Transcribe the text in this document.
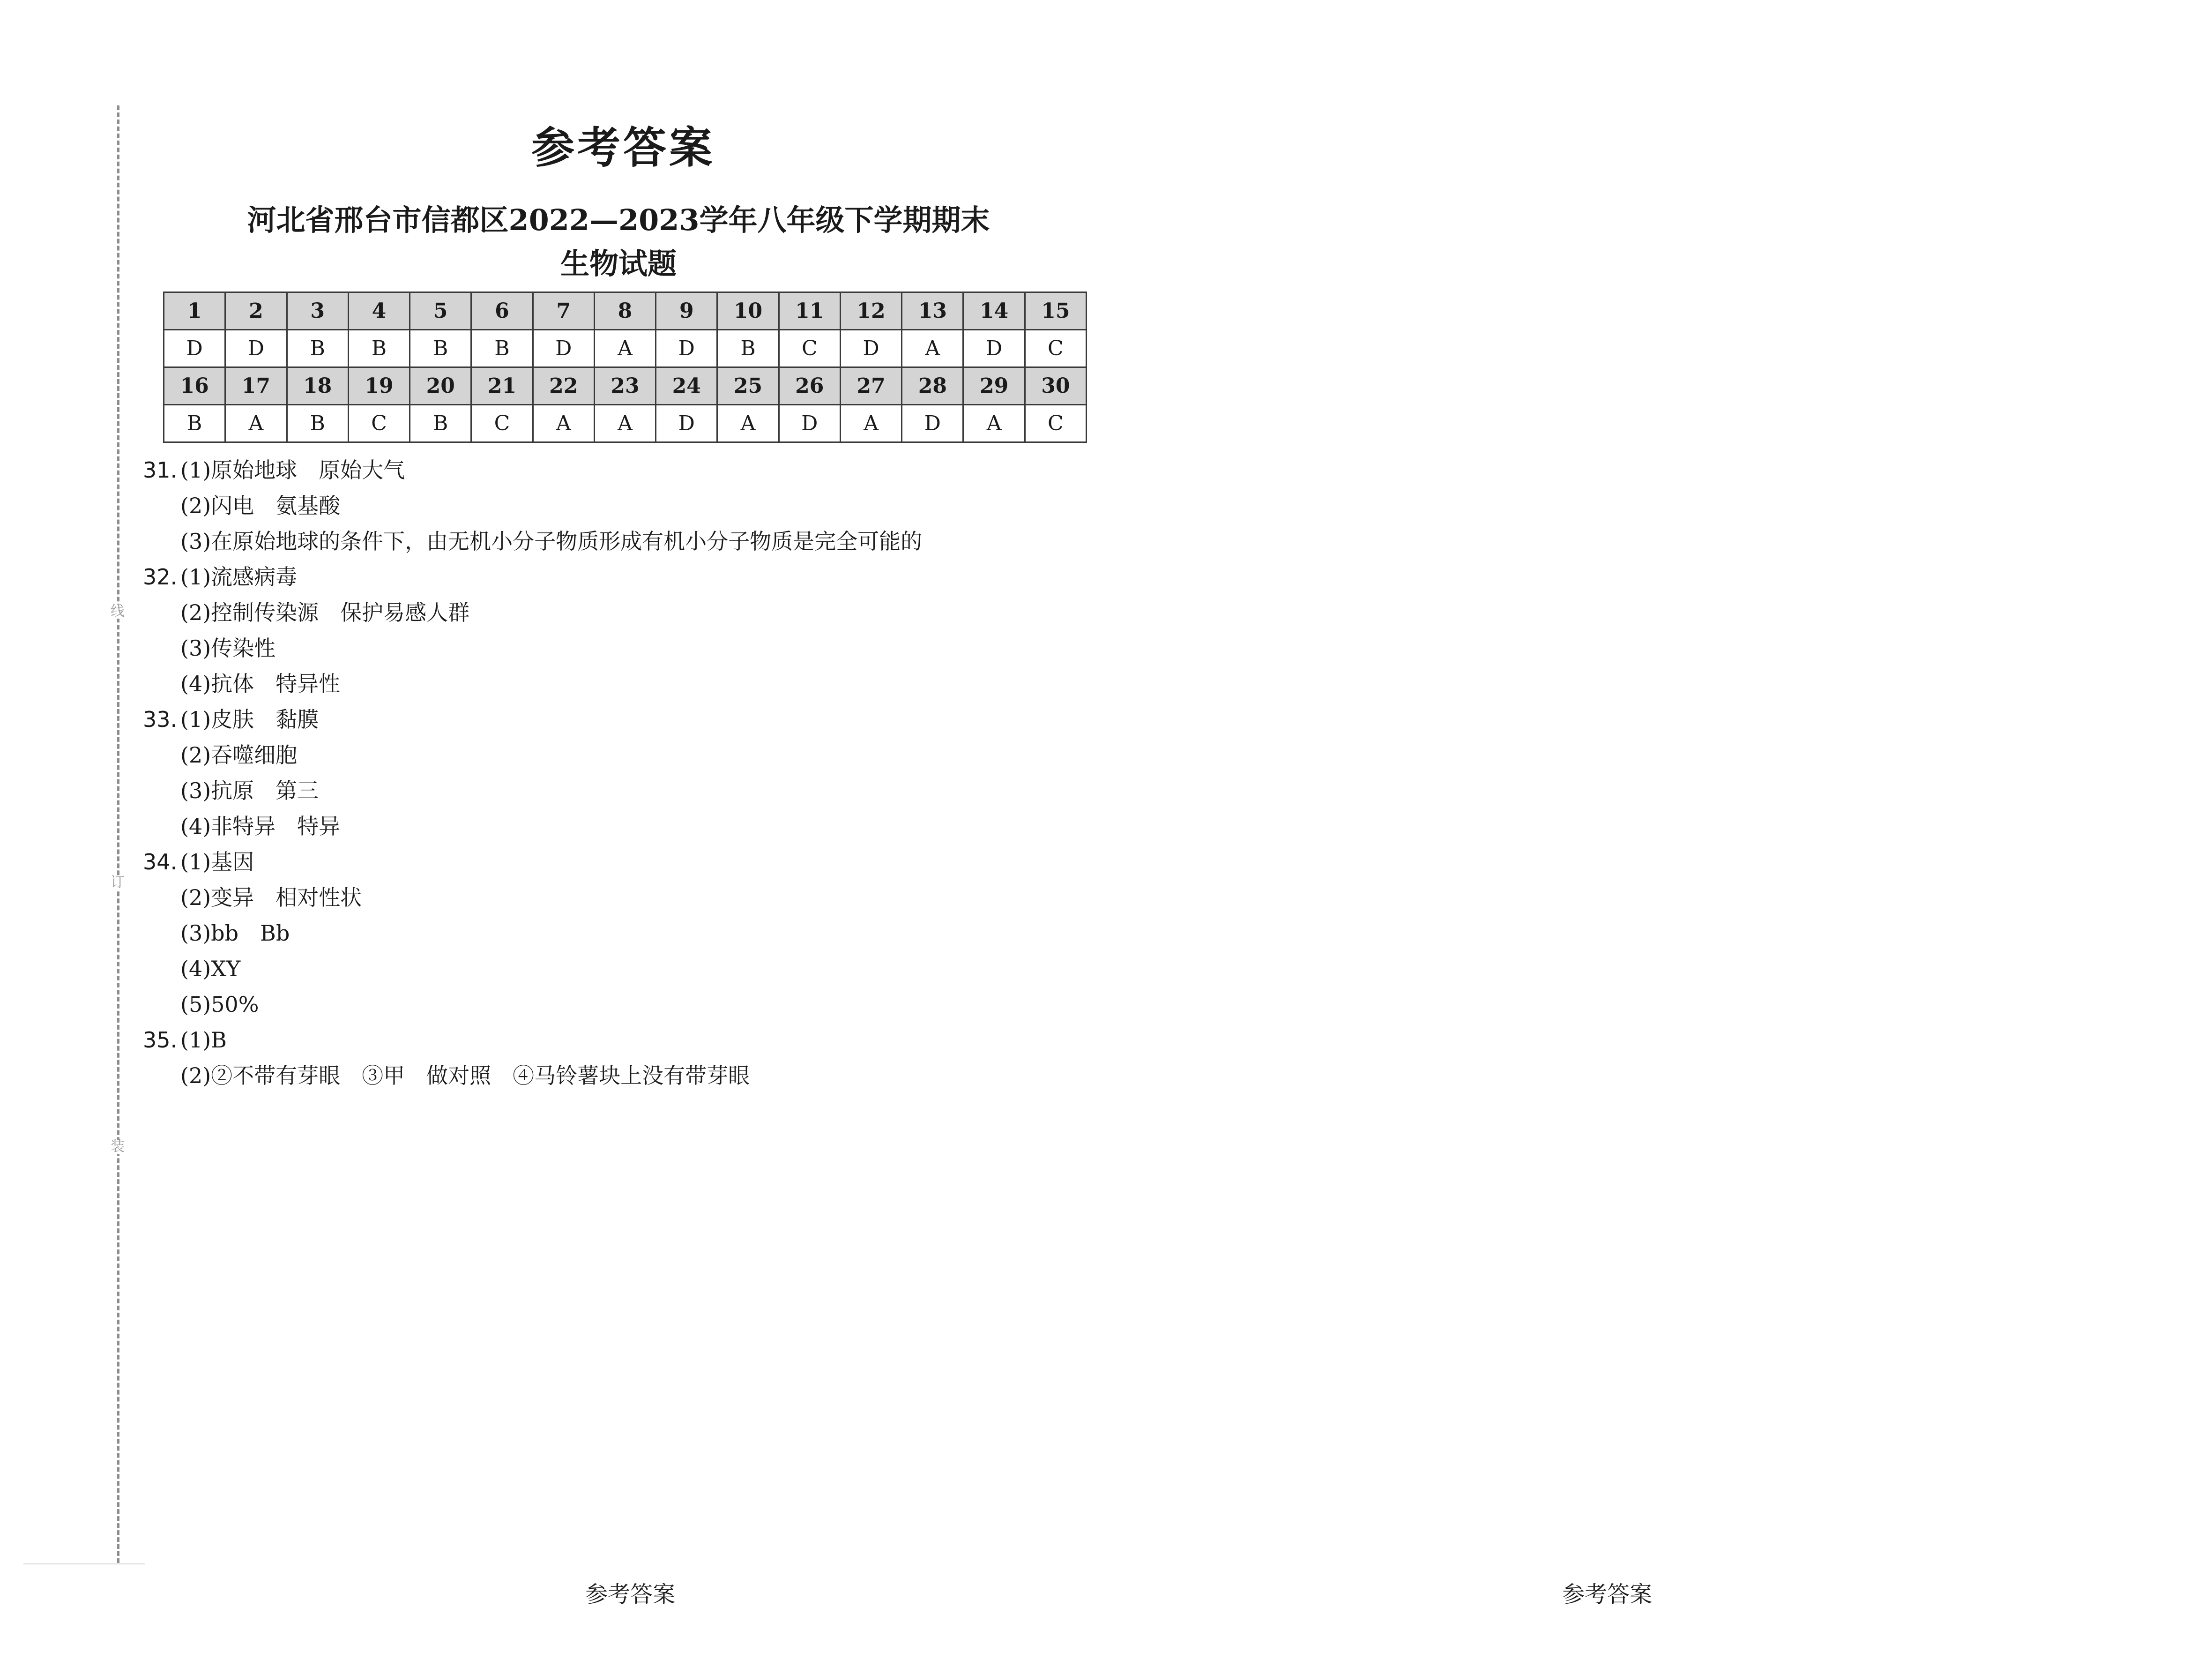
线
订
装
参考答案
河北省邢台市信都区2022—2023学年八年级下学期期末
生物试题
1	2	3	4	5	6	7	8	9	10	11	12	13	14	15
D	D	B	B	B	B	D	A	D	B	C	D	A	D	C
16	17	18	19	20	21	22	23	24	25	26	27	28	29	30
B	A	B	C	B	C	A	A	D	A	D	A	D	A	C
31. (1)原始地球　原始大气
(2)闪电　氨基酸
(3)在原始地球的条件下，由无机小分子物质形成有机小分子物质是完全可能的
32. (1)流感病毒
(2)控制传染源　保护易感人群
(3)传染性
(4)抗体　特异性
33. (1)皮肤　黏膜
(2)吞噬细胞
(3)抗原　第三
(4)非特异　特异
34. (1)基因
(2)变异　相对性状
(3)bb　Bb
(4)XY
(5)50%
35. (1)B
(2)②不带有芽眼　③甲　做对照　④马铃薯块上没有带芽眼
参考答案	参考答案
